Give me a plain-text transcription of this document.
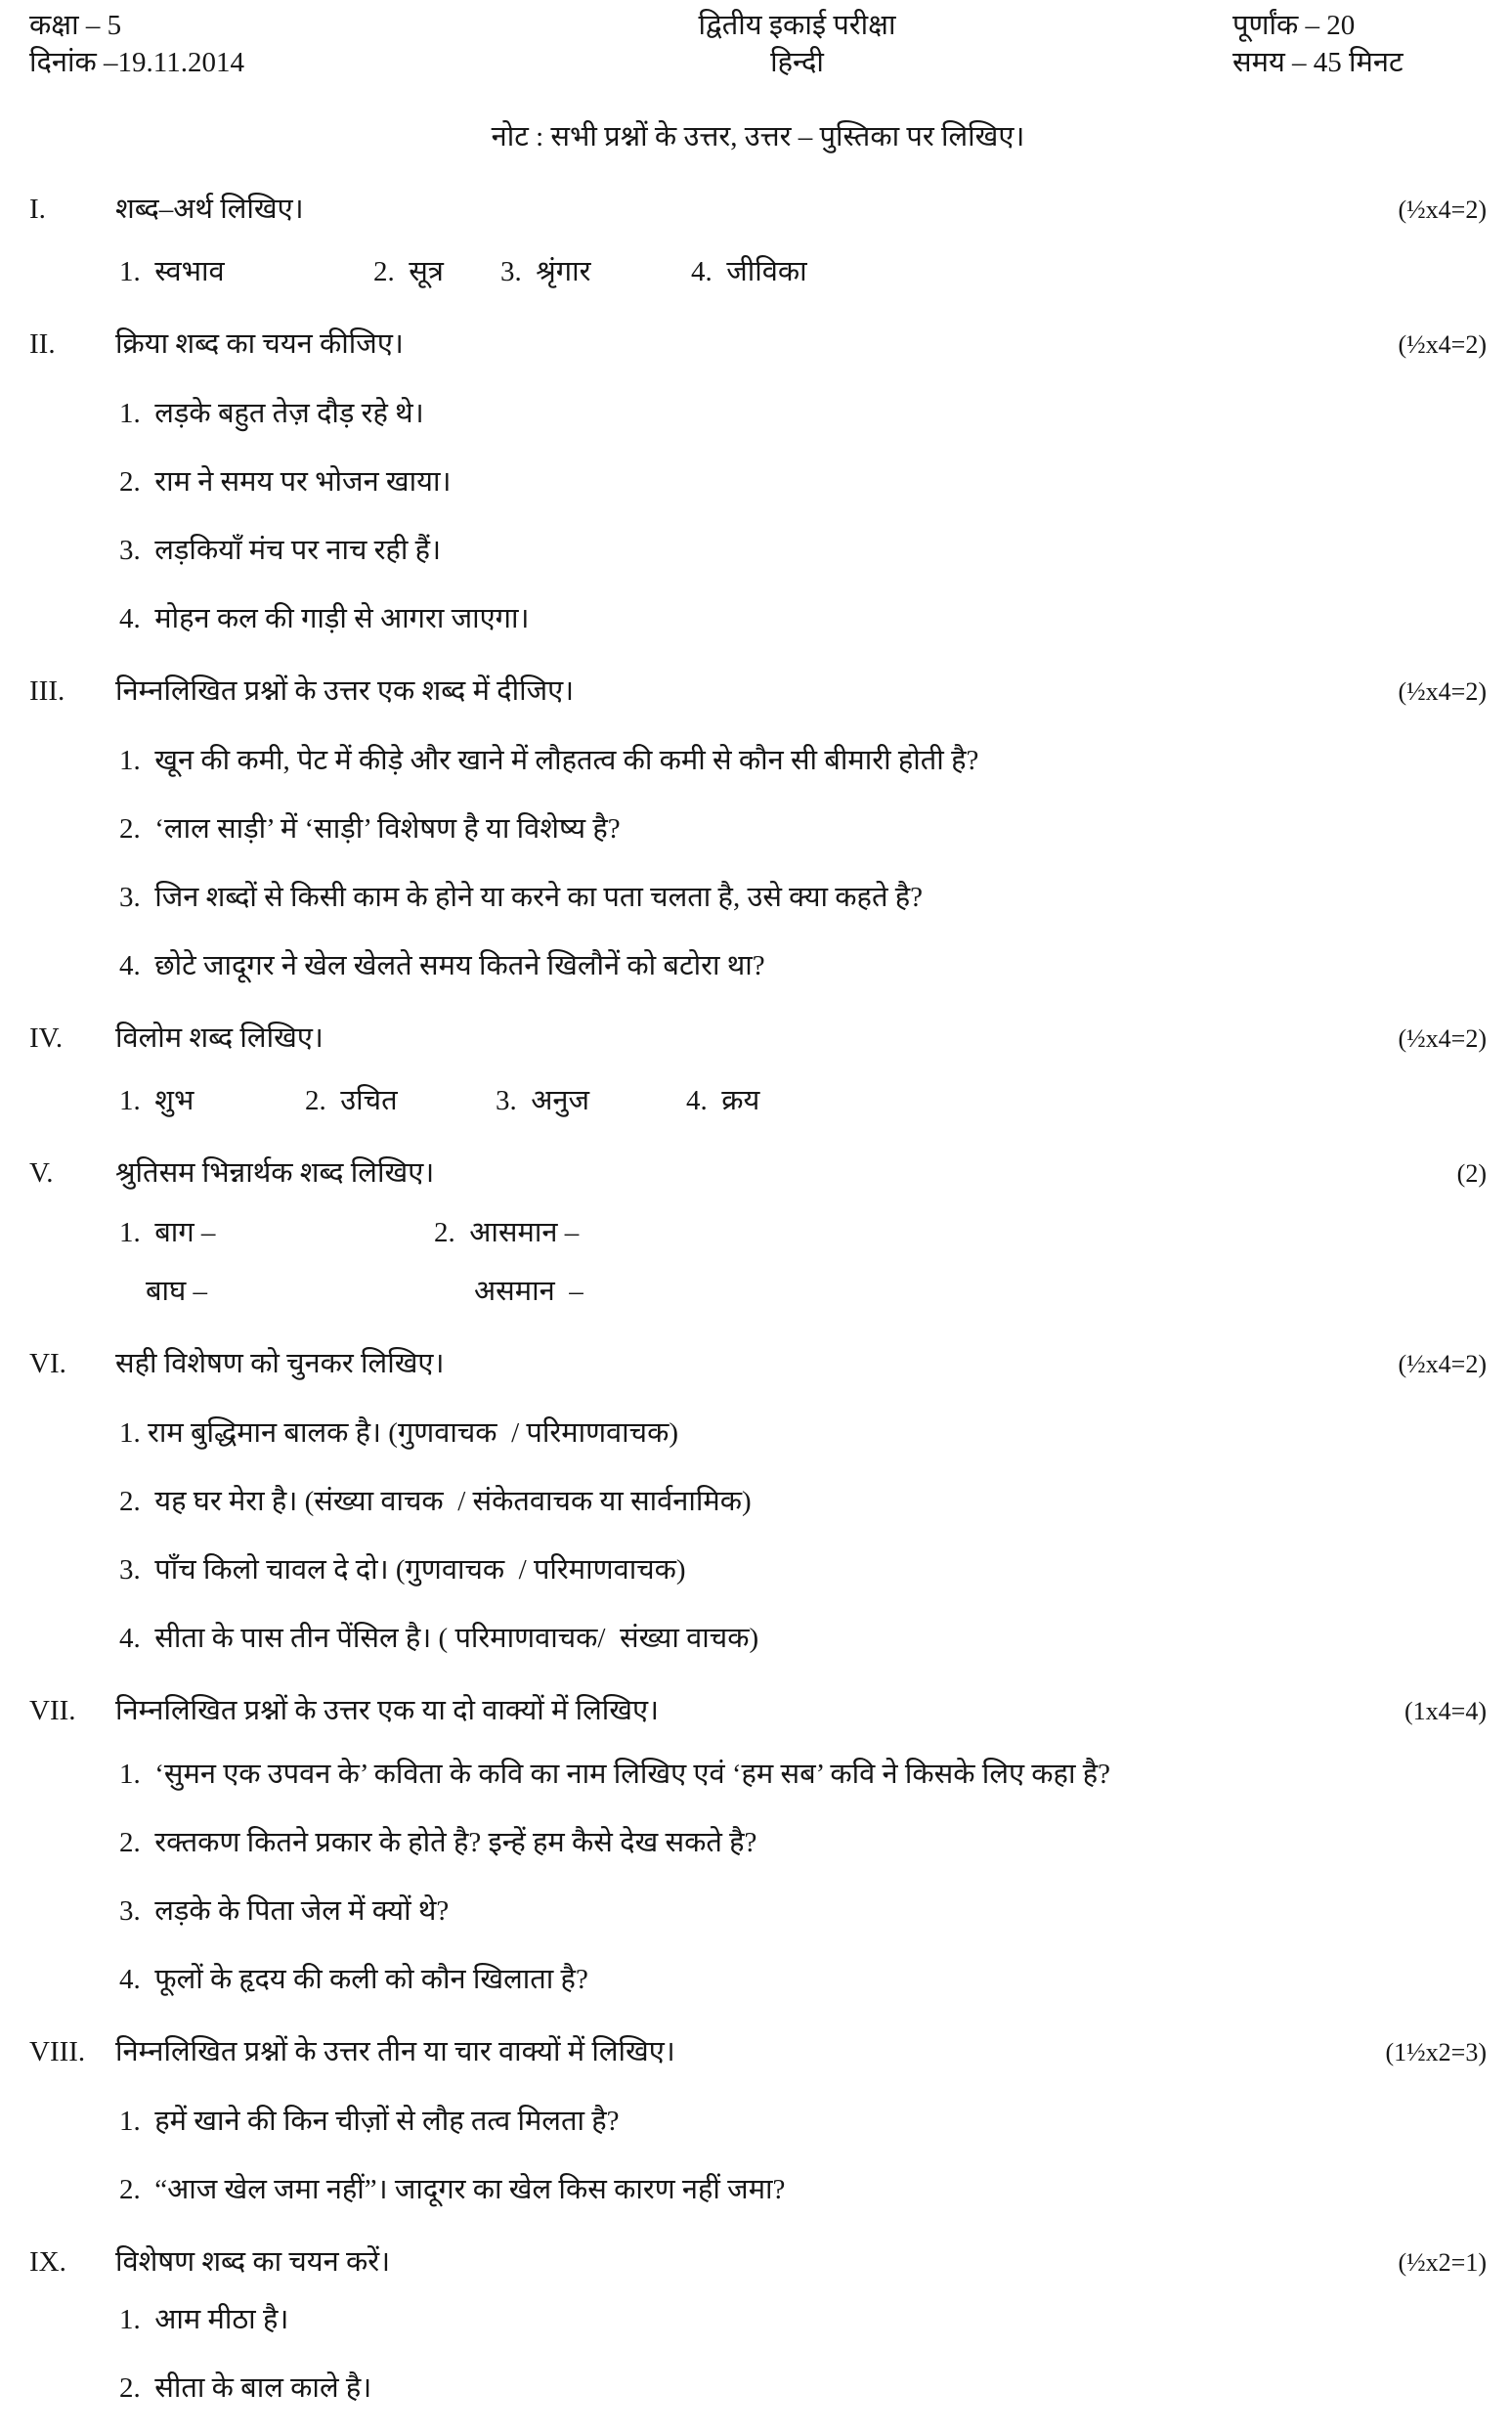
कक्षा – 5	द्वितीय इकाई परीक्षा	पूर्णांक – 20
दिनांक –19.11.2014	हिन्दी	समय – 45 मिनट
नोट : सभी प्रश्नों के उत्तर, उत्तर – पुस्तिका पर लिखिए।
I.	शब्द–अर्थ लिखिए।	(½x4=2)
1.  स्वभाव	2.  सूत्र	3.  श्रृंगार	4.  जीविका
II.	क्रिया शब्द का चयन कीजिए।	(½x4=2)
1.  लड़के बहुत तेज़ दौड़ रहे थे।
2.  राम ने समय पर भोजन खाया।
3.  लड़कियाँ मंच पर नाच रही हैं।
4.  मोहन कल की गाड़ी से आगरा जाएगा।
III.	निम्नलिखित प्रश्नों के उत्तर एक शब्द में दीजिए।	(½x4=2)
1.  खून की कमी, पेट में कीड़े और खाने में लौहतत्व की कमी से कौन सी बीमारी होती है?
2.  ‘लाल साड़ी’ में ‘साड़ी’ विशेषण है या विशेष्य है?
3.  जिन शब्दों से किसी काम के होने या करने का पता चलता है, उसे क्या कहते है?
4.  छोटे जादूगर ने खेल खेलते समय कितने खिलौनें को बटोरा था?
IV.	विलोम शब्द लिखिए।	(½x4=2)
1.  शुभ	2.  उचित	3.  अनुज	4.  क्रय
V.	श्रुतिसम भिन्नार्थक शब्द लिखिए।	(2)
1.  बाग –	2.  आसमान –
बाघ –	असमान  –
VI.	सही विशेषण को चुनकर लिखिए।	(½x4=2)
1. राम बुद्धिमान बालक है। (गुणवाचक  / परिमाणवाचक)
2.  यह घर मेरा है। (संख्या वाचक  / संकेतवाचक या सार्वनामिक)
3.  पाँच किलो चावल दे दो। (गुणवाचक  / परिमाणवाचक)
4.  सीता के पास तीन पेंसिल है। ( परिमाणवाचक/  संख्या वाचक)
VII.	निम्नलिखित प्रश्नों के उत्तर एक या दो वाक्यों में लिखिए।	(1x4=4)
1.  ‘सुमन एक उपवन के’ कविता के कवि का नाम लिखिए एवं ‘हम सब’ कवि ने किसके लिए कहा है?
2.  रक्तकण कितने प्रकार के होते है? इन्हें हम कैसे देख सकते है?
3.  लड़के के पिता जेल में क्यों थे?
4.  फूलों के हृदय की कली को कौन खिलाता है?
VIII. निम्नलिखित प्रश्नों के उत्तर तीन या चार वाक्यों में लिखिए।	(1½x2=3)
1.  हमें खाने की किन चीज़ों से लौह तत्व मिलता है?
2.  “आज खेल जमा नहीं”। जादूगर का खेल किस कारण नहीं जमा?
IX.	विशेषण शब्द का चयन करें।	(½x2=1)
1.  आम मीठा है।
2.  सीता के बाल काले है।
